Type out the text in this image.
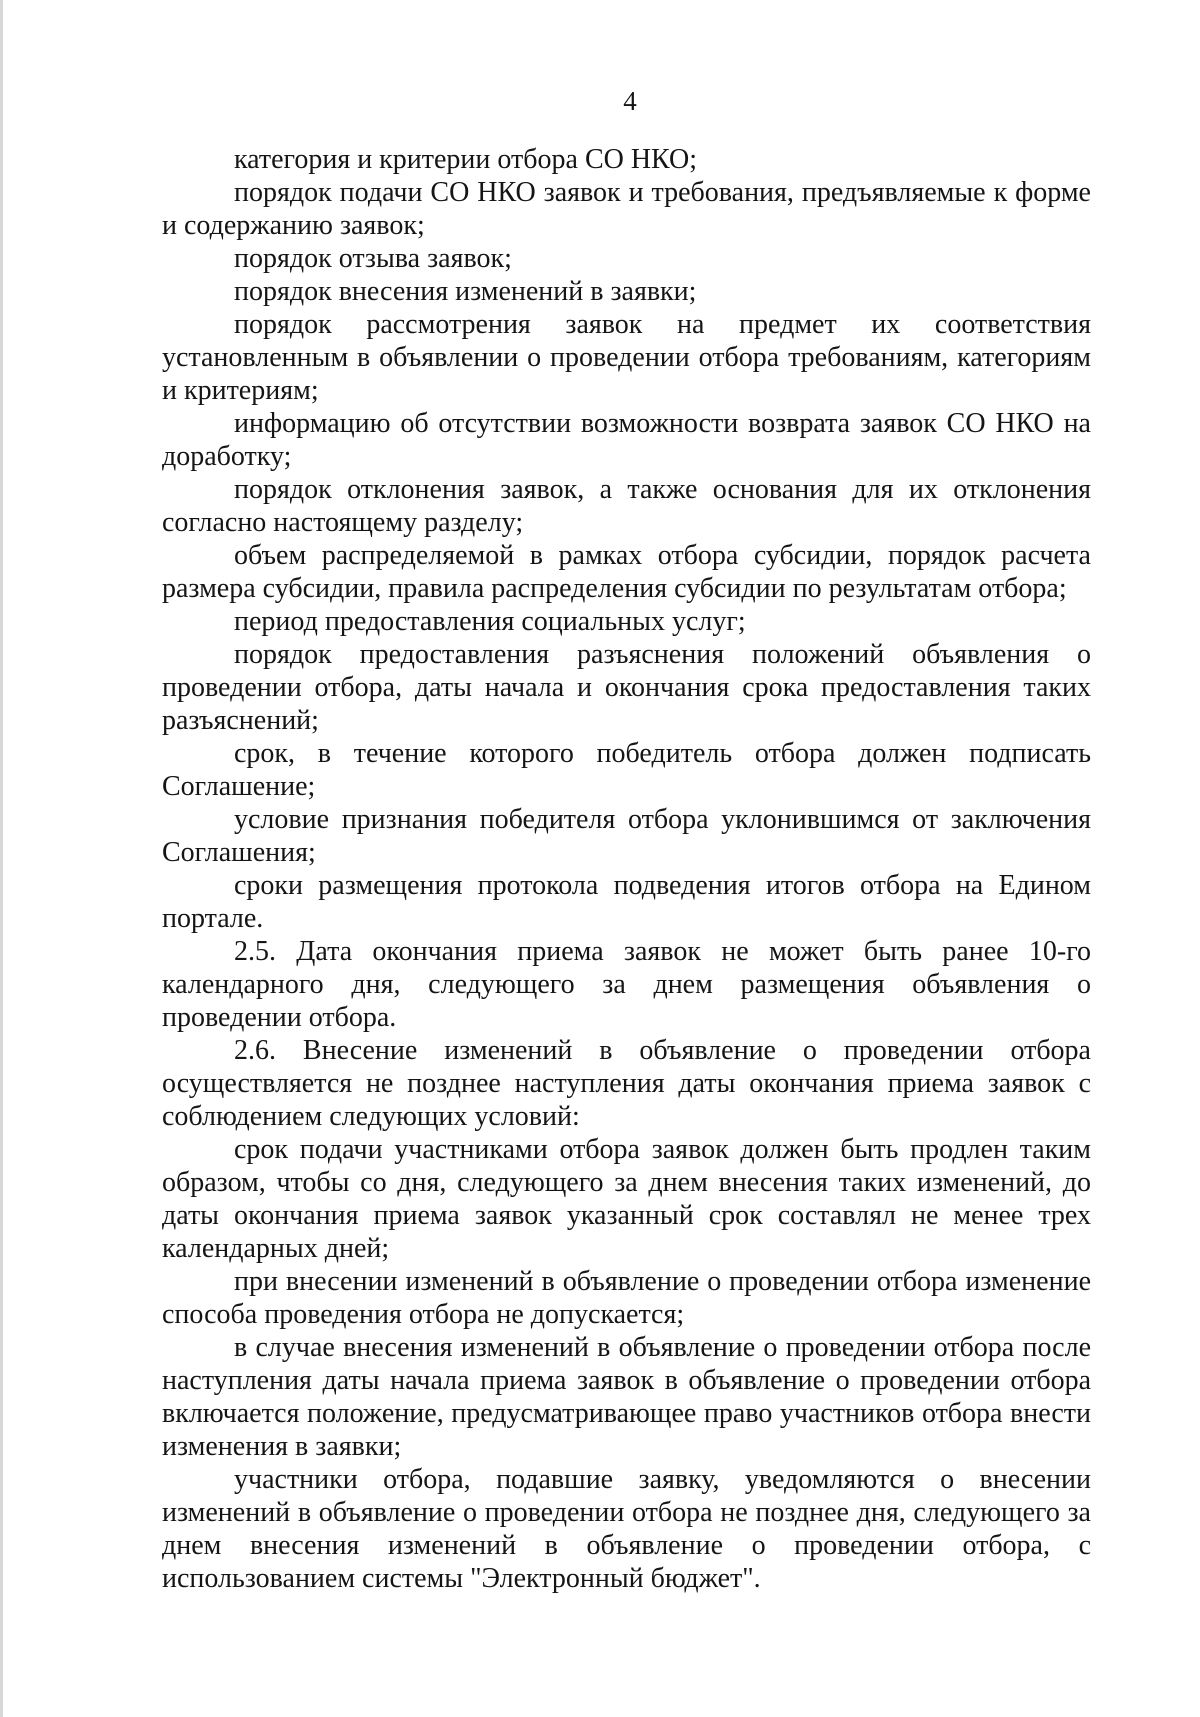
4

категория и критерии отбора СО НКО;

порядок подачи СО НКО заявок и требования, предъявляемые к форме и содержанию заявок;

порядок отзыва заявок;

порядок внесения изменений в заявки;

порядок рассмотрения заявок на предмет их соответствия установленным в объявлении о проведении отбора требованиям, категориям и критериям;

информацию об отсутствии возможности возврата заявок СО НКО на доработку;

порядок отклонения заявок, а также основания для их отклонения согласно настоящему разделу;

объем распределяемой в рамках отбора субсидии, порядок расчета размера субсидии, правила распределения субсидии по результатам отбора;

период предоставления социальных услуг;

порядок предоставления разъяснения положений объявления о проведении отбора, даты начала и окончания срока предоставления таких разъяснений;

срок, в течение которого победитель отбора должен подписать Соглашение;

условие признания победителя отбора уклонившимся от заключения Соглашения;

сроки размещения протокола подведения итогов отбора на Едином портале.

2.5. Дата окончания приема заявок не может быть ранее 10-го календарного дня, следующего за днем размещения объявления о проведении отбора.

2.6. Внесение изменений в объявление о проведении отбора осуществляется не позднее наступления даты окончания приема заявок с соблюдением следующих условий:

срок подачи участниками отбора заявок должен быть продлен таким образом, чтобы со дня, следующего за днем внесения таких изменений, до даты окончания приема заявок указанный срок составлял не менее трех календарных дней;

при внесении изменений в объявление о проведении отбора изменение способа проведения отбора не допускается;

в случае внесения изменений в объявление о проведении отбора после наступления даты начала приема заявок в объявление о проведении отбора включается положение, предусматривающее право участников отбора внести изменения в заявки;

участники отбора, подавшие заявку, уведомляются о внесении изменений в объявление о проведении отбора не позднее дня, следующего за днем внесения изменений в объявление о проведении отбора, с использованием системы "Электронный бюджет".
